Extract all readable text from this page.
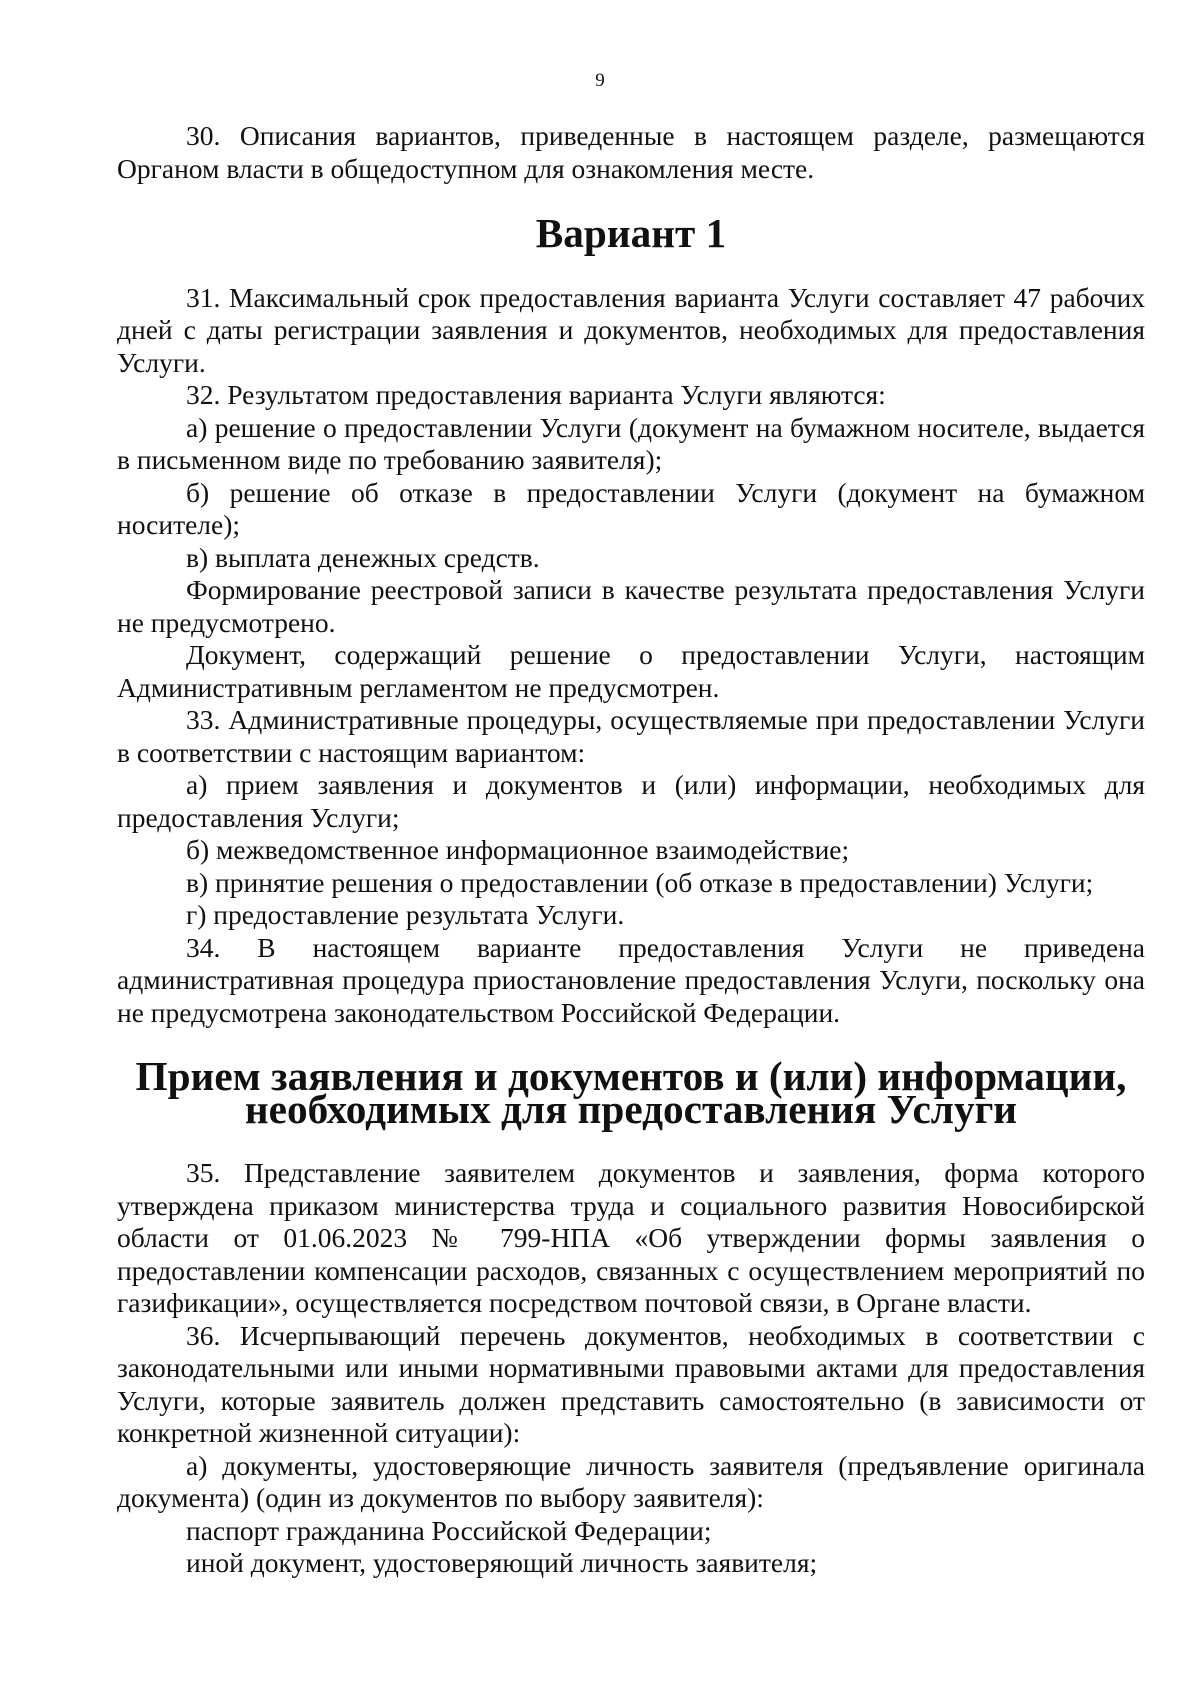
9

30. Описания вариантов, приведенные в настоящем разделе, размещаются Органом власти в общедоступном для ознакомления месте.

Вариант 1

31. Максимальный срок предоставления варианта Услуги составляет 47 рабочих дней с даты регистрации заявления и документов, необходимых для предоставления Услуги.

32. Результатом предоставления варианта Услуги являются:

а) решение о предоставлении Услуги (документ на бумажном носителе, выдается в письменном виде по требованию заявителя);

б) решение об отказе в предоставлении Услуги (документ на бумажном носителе);

в) выплата денежных средств.

Формирование реестровой записи в качестве результата предоставления Услуги не предусмотрено.

Документ, содержащий решение о предоставлении Услуги, настоящим Административным регламентом не предусмотрен.

33. Административные процедуры, осуществляемые при предоставлении Услуги в соответствии с настоящим вариантом:

а) прием заявления и документов и (или) информации, необходимых для предоставления Услуги;

б) межведомственное информационное взаимодействие;

в) принятие решения о предоставлении (об отказе в предоставлении) Услуги;

г) предоставление результата Услуги.

34. В настоящем варианте предоставления Услуги не приведена административная процедура приостановление предоставления Услуги, поскольку она не предусмотрена законодательством Российской Федерации.

Прием заявления и документов и (или) информации, необходимых для предоставления Услуги

35. Представление заявителем документов и заявления, форма которого утверждена приказом министерства труда и социального развития Новосибирской области от 01.06.2023 № 799-НПА «Об утверждении формы заявления о предоставлении компенсации расходов, связанных с осуществлением мероприятий по газификации», осуществляется посредством почтовой связи, в Органе власти.

36. Исчерпывающий перечень документов, необходимых в соответствии с законодательными или иными нормативными правовыми актами для предоставления Услуги, которые заявитель должен представить самостоятельно (в зависимости от конкретной жизненной ситуации):

а) документы, удостоверяющие личность заявителя (предъявление оригинала документа) (один из документов по выбору заявителя):

паспорт гражданина Российской Федерации;

иной документ, удостоверяющий личность заявителя;
